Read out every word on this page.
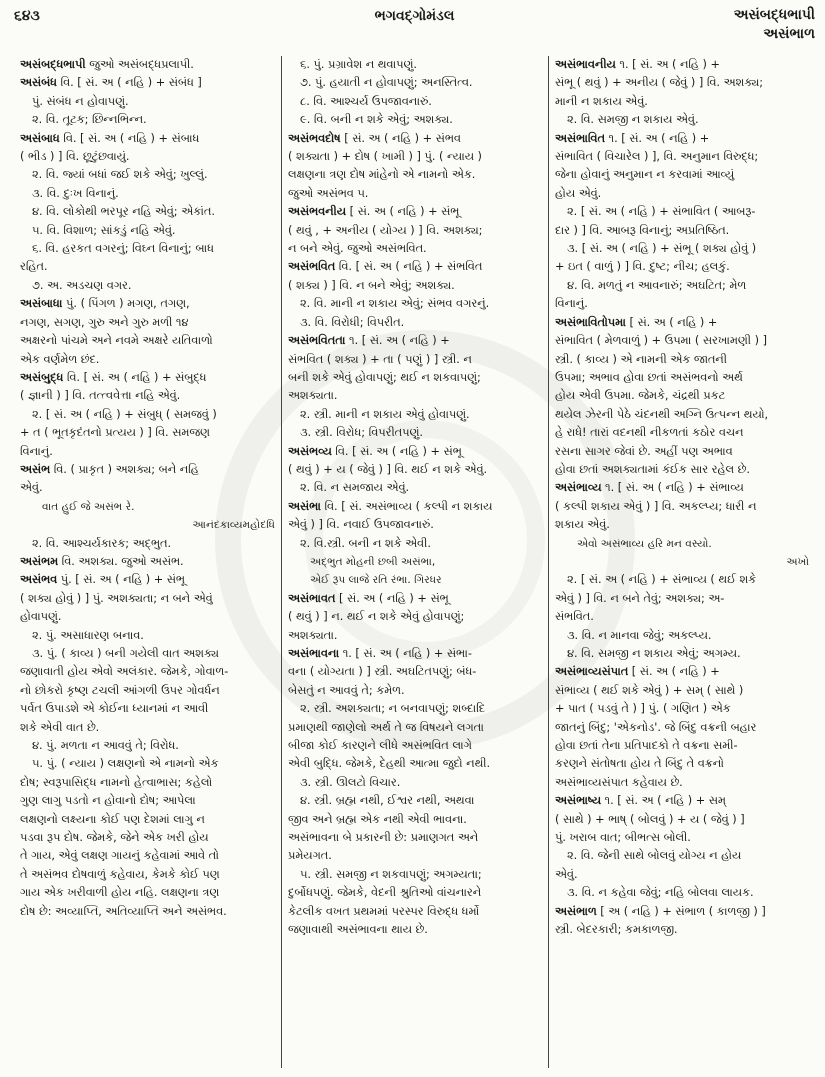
૬૪૩	ભગવદ્ગોમંડલ	અસંબદ્ધભાપી
અસંભાળ
અસંબદ્ધભાપી જુઓ અસંબદ્ધપ્રલાપી.
અસંબંધ વિ. [ સં. અ ( નહિ ) + સંબંધ ]
પું. સંબંધ ન હોવાપણું.
૨. વિ. તૂટક; છિન્નભિન્ન.
અસંબાધ વિ. [ સં. અ ( નહિ ) + સંબાધ
( ભીડ ) ] વિ. છૂટુંછવાયું.
૨. વિ. જ્યાં બધાં જઈ શકે એવું; ખુલ્લું.
૩. વિ. દુઃખ વિનાનું.
૪. વિ. લોકોથી ભરપૂર નહિ એવું; એકાંત.
૫. વિ. વિશાળ; સાંકડું નહિ એવું.
૬. વિ. હરકત વગરનું; વિઘ્ન વિનાનું; બાધ
રહિત.
૭. અ. અડચણ વગર.
અસંબાધા પું. ( પિંગળ ) મગણ, તગણ,
નગણ, સગણ, ગુરુ અને ગુરુ મળી ૧૪
અક્ષરનો પાંચમે અને નવમે અક્ષરે યતિવાળો
એક વર્ણમેળ છંદ.
અસંબુદ્ધ વિ. [ સં. અ ( નહિ ) + સંબુદ્ધ
( જ્ઞાની ) ] વિ. તત્ત્વવેત્તા નહિ એવું.
૨. [ સં. અ ( નહિ ) + સંબુધ્ ( સમજવું )
+ ત ( ભૂતકૃદંતનો પ્રત્યય ) ] વિ. સમજણ
વિનાનું.
અસંભ વિ. ( પ્રાકૃત ) અશક્ય; બને નહિ
એવું.
વાત હુઈ જે અસંભ રે.
આનંદકાવ્યમહોદધિ
૨. વિ. આશ્ચર્યકારક; અદ્ભુત.
અસંભમ વિ. અશક્ય. જુઓ અસંભ.
અસંભવ પું. [ સં. અ ( નહિ ) + સંભૂ
( શક્ય હોવું ) ] પું. અશક્યતા; ન બને એવું
હોવાપણું.
૨. પું. અસાધારણ બનાવ.
૩. પું. ( કાવ્ય ) બની ગયેલી વાત અશક્ય
જણાવાતી હોય એવો અલંકાર. જેમકે, ગોવાળ-
નો છોકરો કૃષ્ણ ટચલી આંગળી ઉપર ગોવર્ધન
પર્વત ઉપાડશે એ કોઈના ધ્યાનમાં ન આવી
શકે એવી વાત છે.
૪. પું. મળતા ન આવવું તે; વિરોધ.
૫. પું. ( ન્યાય ) લક્ષણનો એ નામનો એક
દોષ; સ્વરૂપાસિદ્ધ નામનો હેત્વાભાસ; કહેલો
ગુણ લાગુ પડતો ન હોવાનો દોષ; આપેલા
લક્ષણનો લક્ષ્યના કોઈ પણ દેશમાં લાગુ ન
પડવા રૂપ દોષ. જેમકે, જેને એક ખરી હોય
તે ગાય, એવું લક્ષણ ગાયનું કહેવામાં આવે તો
તે અસંભવ દોષવાળું કહેવાય, કેમકે કોઈ પણ
ગાય એક ખરીવાળી હોય નહિ. લક્ષણના ત્રણ
દોષ છે: અવ્યાપ્તિ, અતિવ્યાપ્તિ અને અસંભવ.
૬. પું. પ્રગ્રાવેશ ન થવાપણું.
૭. પું. હયાતી ન હોવાપણું; અનસ્તિત્વ.
૮. વિ. આશ્ચર્ય ઉપજાવનારું.
૯. વિ. બની ન શકે એવું; અશક્ય.
અસંભવદોષ [ સં. અ ( નહિ ) + સંભવ
( શક્યતા ) + દોષ ( ખામી ) ] પું. ( ન્યાય )
લક્ષણના ત્રણ દોષ માંહેનો એ નામનો એક.
જુઓ અસંભવ ૫.
અસંભવનીય [ સં. અ ( નહિ ) + સંભૂ
( થવું , + અનીય ( યોગ્ય ) ] વિ. અશક્ય;
ન બને એવું. જુઓ અસંભવિત.
અસંભવિત વિ. [ સં. અ ( નહિ ) + સંભવિત
( શક્ય ) ] વિ. ન બને એવું; અશક્ય.
૨. વિ. માની ન શકાય એવું; સંભવ વગરનું.
૩. વિ. વિરોધી; વિપરીત.
અસંભવિતતા ૧. [ સં. અ ( નહિ ) +
સંભવિત ( શક્ય ) + તા ( પણું ) ] સ્ત્રી. ન
બની શકે એવું હોવાપણું; થઈ ન શકવાપણું;
અશક્યતા.
૨. સ્ત્રી. માની ન શકાય એવું હોવાપણું.
૩. સ્ત્રી. વિરોધ; વિપરીતપણું.
અસંભવ્ય વિ. [ સં. અ ( નહિ ) + સંભૂ
( થવું ) + ય ( જેવું ) ] વિ. થઈ ન શકે એવું.
૨. વિ. ન સમજાય એવું.
અસંભા વિ. [ સં. અસંભાવ્ય ( કલ્પી ન શકાય
એવું ) ] વિ. નવાઈ ઉપજાવનારું.
૨. વિ.સ્ત્રી. બની ન શકે એવી.
અદ્ભુત મોહની છબી અસંભા,
એઈ રૂપ લાજે રતિ રંભા. ગિરધર
અસંભાવત [ સં. અ ( નહિ ) + સંભૂ
( થવું ) ] ન. થઈ ન શકે એવું હોવાપણું;
અશક્યતા.
અસંભાવના ૧. [ સં. અ ( નહિ ) + સંભા-
વના ( યોગ્યતા ) ] સ્ત્રી. અઘટિતપણું; બંધ-
બેસતું ન આવવું તે; કમેળ.
૨. સ્ત્રી. અશક્યતા; ન બનવાપણું; શબ્દાદિ
પ્રમાણથી જાણેલો અર્થ તે જ વિષયને લગતા
બીજા કોઈ કારણને લીધે અસંભવિત લાગે
એવી બુદ્ધિ. જેમકે, દેહથી આત્મા જુદો નથી.
૩. સ્ત્રી. ઊલટો વિચાર.
૪. સ્ત્રી. બ્રહ્મ નથી, ઈશ્વર નથી, અથવા
જીવ અને બ્રહ્મ એક નથી એવી ભાવના.
અસંભાવના બે પ્રકારની છે: પ્રમાણગત અને
પ્રમેયગત.
૫. સ્ત્રી. સમજી ન શકવાપણું; અગમ્યતા;
દુર્બોધપણું. જેમકે, વેદની શ્રુતિઓ વાંચનારને
કેટલીક વખત પ્રથમમાં પરસ્પર વિરુદ્ધ ધર્મો
જણાવાથી અસંભાવના થાય છે.
અસંભાવનીય ૧. [ સં. અ ( નહિ ) +
સંભૂ ( થવું ) + અનીય ( જેવું ) ] વિ. અશક્ય;
માની ન શકાય એવું.
૨. વિ. સમજી ન શકાય એવું.
અસંભાવિત ૧. [ સં. અ ( નહિ ) +
સંભાવિત ( વિચારેલ ) ], વિ. અનુમાન વિરુદ્ધ;
જેના હોવાનું અનુમાન ન કરવામાં આવ્યું
હોય એવું.
૨. [ સં. અ ( નહિ ) + સંભાવિત ( આબરૂ-
દાર ) ] વિ. આબરૂ વિનાનું; અપ્રતિષ્ઠિત.
૩. [ સં. અ ( નહિ ) + સંભૂ ( શક્ય હોવું )
+ ઇત ( વાળું ) ] વિ. દુષ્ટ; નીચ; હલકું.
૪. વિ. મળતું ન આવનારું; અઘટિત; મેળ
વિનાનું.
અસંભાવિતોપમા [ સં. અ ( નહિ ) +
સંભાવિત ( મેળવાળું ) + ઉપમા ( સરખામણી ) ]
સ્ત્રી. ( કાવ્ય ) એ નામની એક જાતની
ઉપમા; અભાવ હોવા છતાં અસંભવનો અર્થ
હોય એવી ઉપમા. જેમકે, ચંદ્રથી પ્રકટ
થયેલ ઝેરની પેઠે ચંદનથી અગ્નિ ઉત્પન્ન થયો,
હે રાધે! તારાં વદનથી નીકળતાં કઠોર વચન
રસના સાગર જેવાં છે. અહીં પણ અભાવ
હોવા છતાં અશક્યતામાં કંઈક સાર રહેલ છે.
અસંભાવ્ય ૧. [ સં. અ ( નહિ ) + સંભાવ્ય
( કલ્પી શકાય એવું ) ] વિ. અકલ્પ્ય; ધારી ન
શકાય એવું.
એવો અસંભાવ્ય હરિ મન વસ્યો.
અખો
૨. [ સં. અ ( નહિ ) + સંભાવ્ય ( થઈ શકે
એવું ) ] વિ. ન બને તેવું; અશક્ય; અ-
સંભવિત.
૩. વિ. ન માનવા જેવું; અકલ્પ્ય.
૪. વિ. સમજી ન શકાય એવું; અગમ્ય.
અસંભાવ્યસંપાત [ સં. અ ( નહિ ) +
સંભાવ્ય ( થઈ શકે એવું ) + સમ્ ( સાથે )
+ પાત ( પડવું તે ) ] પું. ( ગણિત ) એક
જાતનું બિંદુ; 'એકનોડ'. જે બિંદુ વક્રની બહાર
હોવા છતાં તેના પ્રતિપાદકો તે વક્રના સમી-
કરણને સંતોષતા હોય તે બિંદુ તે વક્રનો
અસંભાવ્યસંપાત કહેવાય છે.
અસંભાષ્ય ૧. [ સં. અ ( નહિ ) + સમ્
( સાથે ) + ભાષ્ ( બોલવું ) + ય ( જેવું ) ]
પું. ખરાબ વાત; બીભત્સ બોલી.
૨. વિ. જેની સાથે બોલવું યોગ્ય ન હોય
એવું.
૩. વિ. ન કહેવા જેવું; નહિ બોલવા લાયક.
અસંભાળ [ અ ( નહિ ) + સંભાળ ( કાળજી ) ]
સ્ત્રી. બેદરકારી; કમકાળજી.
